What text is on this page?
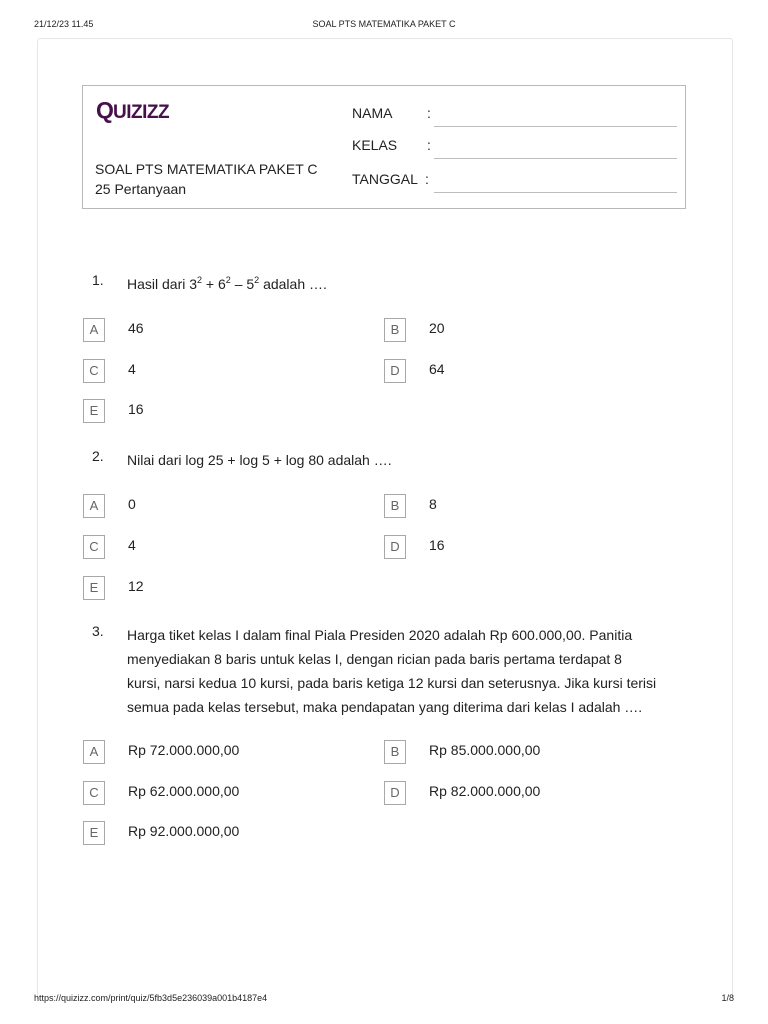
21/12/23 11.45	SOAL PTS MATEMATIKA PAKET C
Q UIZIZZ
SOAL PTS MATEMATIKA PAKET C
25 Pertanyaan
NAMA :
KELAS :
TANGGAL :
1. Hasil dari $3^2 + 6^2 - 5^2$ adalah ….
A	46	B	20
C	4	D	64
E	16
2. Nilai dari log 25 + log 5 + log 80 adalah ….
A	0	B	8
C	4	D	16
E	12
3. Harga tiket kelas I dalam final Piala Presiden 2020 adalah Rp 600.000,00. Panitia
menyediakan 8 baris untuk kelas I, dengan rician pada baris pertama terdapat 8
kursi, narsi kedua 10 kursi, pada baris ketiga 12 kursi dan seterusnya. Jika kursi terisi
semua pada kelas tersebut, maka pendapatan yang diterima dari kelas I adalah ….
A	Rp 72.000.000,00	B	Rp 85.000.000,00
C	Rp 62.000.000,00	D	Rp 82.000.000,00
E	Rp 92.000.000,00
https://quizizz.com/print/quiz/5fb3d5e236039a001b4187e4	1/8
